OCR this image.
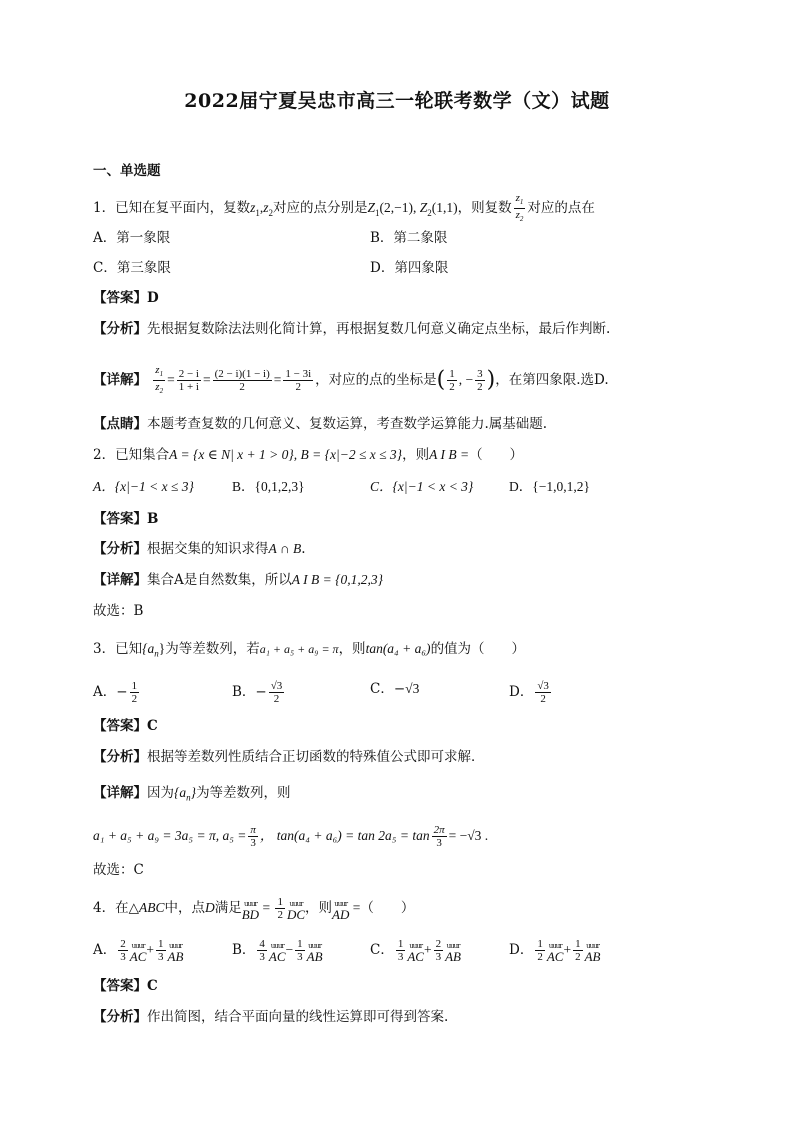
2022届宁夏吴忠市高三一轮联考数学（文）试题
一、单选题
1．已知在复平面内，复数$z_1,z_2$对应的点分别是$Z_1(2,-1)$, $Z_2(1,1)$，则复数 $\frac{z_1}{z_2}$ 对应的点在
A．第一象限	B．第二象限
C．第三象限	D．第四象限
【答案】D
【分析】先根据复数除法法则化简计算，再根据复数几何意义确定点坐标，最后作判断.
【详解】 $\frac{z_1}{z_2} = \frac{2 - i}{1 + i} = \frac{(2 - i)(1 - i)}{2} = \frac{1 - 3i}{2}$ ，对应的点的坐标是( $\frac{1}{2}$ , − $\frac{3}{2}$ )，在第四象限.选D.
【点睛】本题考查复数的几何意义、复数运算，考查数学运算能力.属基础题.
2．已知集合A = {x ∈ N| x + 1 > 0}, B = {x|−2 ≤ x ≤ 3}，则A I B =（　　）
A．{x|−1 < x ≤ 3}	B．{0,1,2,3}	C．{x|−1 < x < 3}	D．{−1,0,1,2}
【答案】B
【分析】根据交集的知识求得A ∩ B.
【详解】集合A是自然数集，所以A I B = {0,1,2,3}
故选：B
3．已知$\{a_n\}$为等差数列，若a₁ + a₅ + a₉ = π，则tan(a₄ + a₆)的值为（　　）
A．− $\frac{1}{2}$	B．− $\frac{√3}{2}$	C．−√3	D． $\frac{√3}{2}$
【答案】C
【分析】根据等差数列性质结合正切函数的特殊值公式即可求解．
【详解】因为$\{a_n\}$为等差数列，则
a₁ + a₅ + a₉ = 3a₅ = π, $a_5 = \frac{\pi}{3}$ ， $\tan(a_4 + a_6) = \tan 2a_5 = \tan \frac{2\pi}{3} = -√3$ .
故选：C
4．在△ABC中，点D满足 uuur
BD = $\frac{1}{2}$ uuur
DC ，则 uuur
AD =（　　）
A． $\frac{2}{3}$ uuur
AC + $\frac{1}{3}$ uuur
AB	B． $\frac{4}{3}$ uuur
AC − $\frac{1}{3}$ uuur
AB	C． $\frac{1}{3}$ uuur
AC + $\frac{2}{3}$ uuur
AB	D． $\frac{1}{2}$ uuur
AC + $\frac{1}{2}$ uuur
AB
【答案】C
【分析】作出简图，结合平面向量的线性运算即可得到答案.
